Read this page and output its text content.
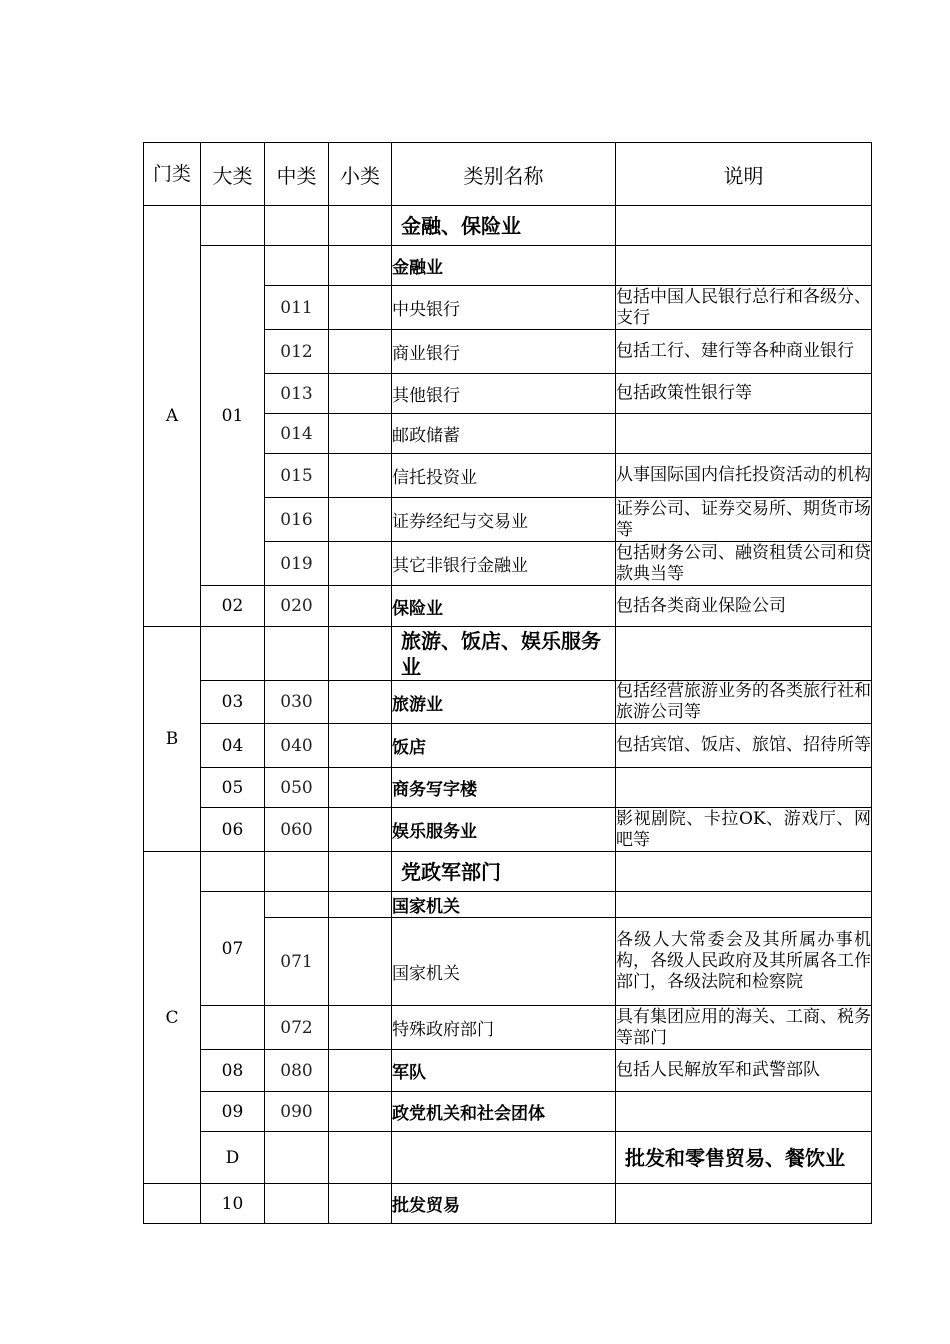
门类	大类	中类	小类	类别名称	说明	
A				金融、保险业		
	01			金融业		
		011		中央银行	包括中国人民银行总行和各级分、支行	
		012		商业银行	包括工行、建行等各种商业银行	
		013		其他银行	包括政策性银行等	
		014		邮政储蓄		
		015		信托投资业	从事国际国内信托投资活动的机构	
		016		证券经纪与交易业	证券公司、证券交易所、期货市场等	
		019		其它非银行金融业	包括财务公司、融资租赁公司和贷款典当等	
	02	020		保险业	包括各类商业保险公司	
B				旅游、饭店、娱乐服务业		
	03	030		旅游业	包括经营旅游业务的各类旅行社和旅游公司等	
	04	040		饭店	包括宾馆、饭店、旅馆、招待所等	
	05	050		商务写字楼		
	06	060		娱乐服务业	影视剧院、卡拉OK、游戏厅、网吧等	
C				党政军部门		
	07			国家机关		
		071		国家机关	各级人大常委会及其所属办事机构，各级人民政府及其所属各工作部门，各级法院和检察院	
		072		特殊政府部门	具有集团应用的海关、工商、税务等部门	
	08	080		军队	包括人民解放军和武警部队	
	09	090		政党机关和社会团体		
	D				批发和零售贸易、餐饮业	
	10			批发贸易		
